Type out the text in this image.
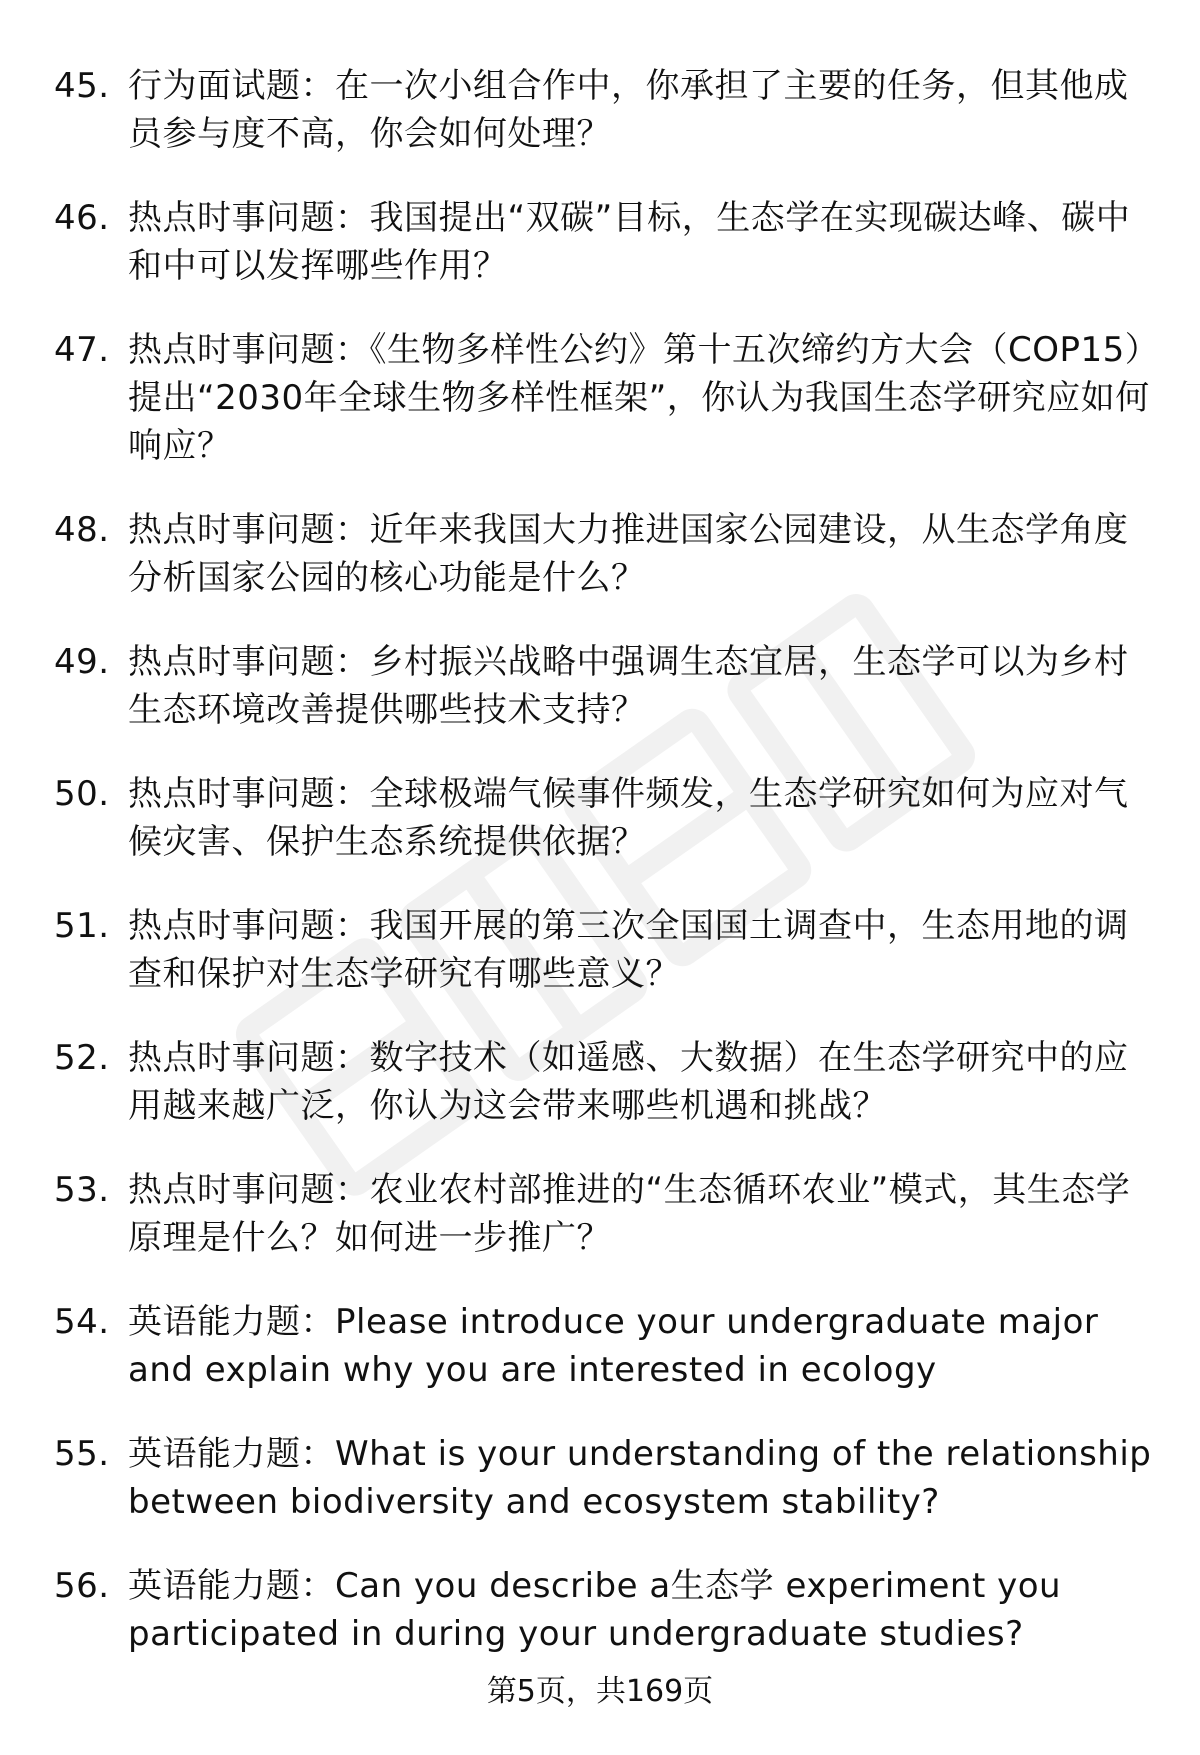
45. 行为面试题：在一次小组合作中，你承担了主要的任务，但其他成员参与度不高，你会如何处理？
46. 热点时事问题：我国提出“双碳”目标，生态学在实现碳达峰、碳中和中可以发挥哪些作用？
47. 热点时事问题：《生物多样性公约》第十五次缔约方大会（COP15）提出“2030年全球生物多样性框架”，你认为我国生态学研究应如何响应？
48. 热点时事问题：近年来我国大力推进国家公园建设，从生态学角度分析国家公园的核心功能是什么？
49. 热点时事问题：乡村振兴战略中强调生态宜居，生态学可以为乡村生态环境改善提供哪些技术支持？
50. 热点时事问题：全球极端气候事件频发，生态学研究如何为应对气候灾害、保护生态系统提供依据？
51. 热点时事问题：我国开展的第三次全国国土调查中，生态用地的调查和保护对生态学研究有哪些意义？
52. 热点时事问题：数字技术（如遥感、大数据）在生态学研究中的应用越来越广泛，你认为这会带来哪些机遇和挑战？
53. 热点时事问题：农业农村部推进的“生态循环农业”模式，其生态学原理是什么？如何进一步推广？
54. 英语能力题：Please introduce your undergraduate major and explain why you are interested in ecology
55. 英语能力题：What is your understanding of the relationship between biodiversity and ecosystem stability?
56. 英语能力题：Can you describe a生态学 experiment you participated in during your undergraduate studies?
第5页，共169页
